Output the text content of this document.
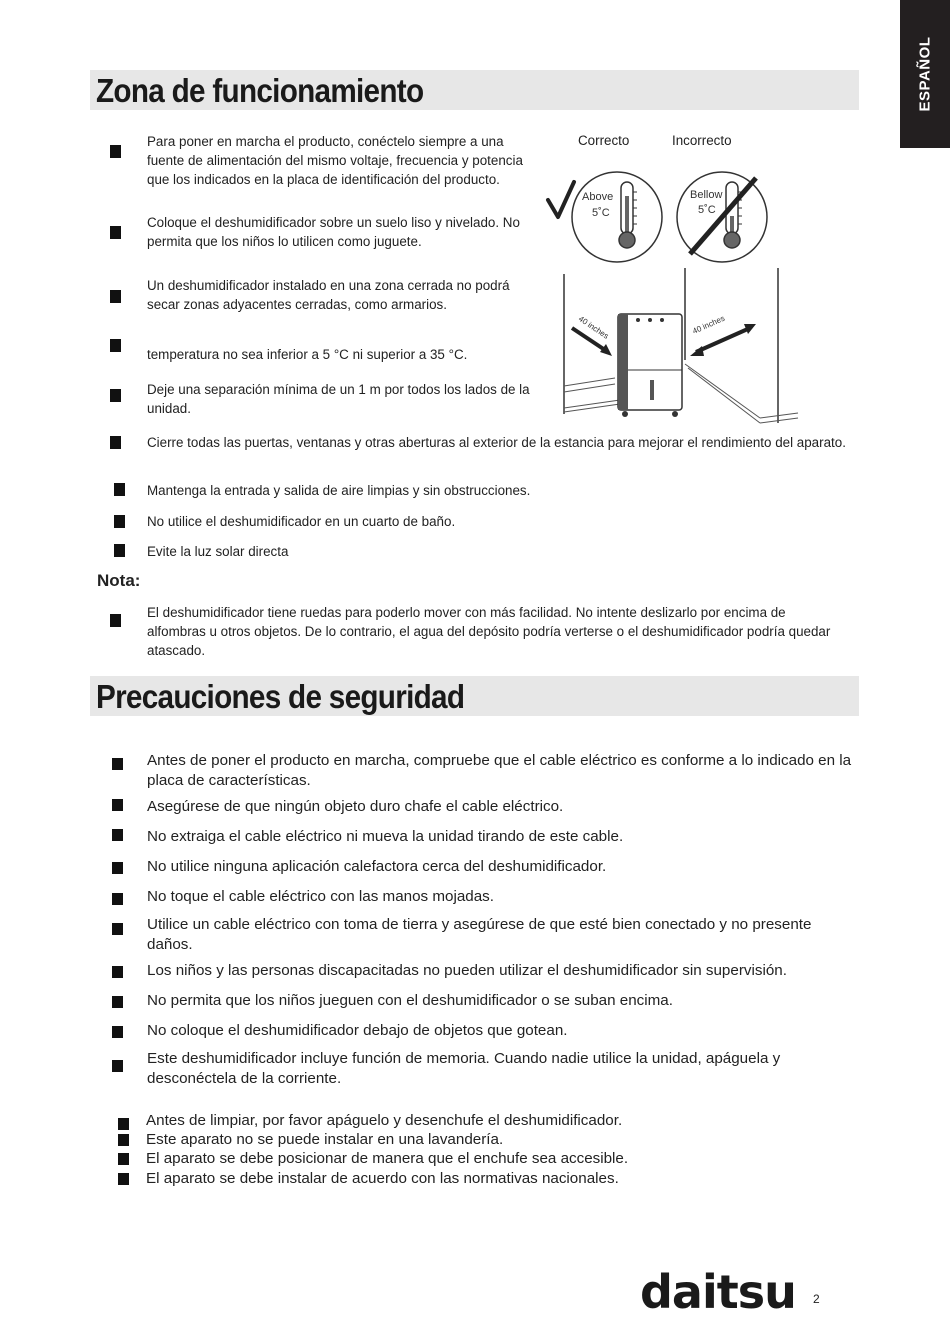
ESPAÑOL
Zona de funcionamiento
Para poner en marcha el producto, conéctelo siempre a una fuente de alimentación del mismo voltaje, frecuencia y potencia que los indicados en la placa de identificación del producto.
Coloque el deshumidificador sobre un suelo liso y nivelado. No permita que los niños lo utilicen como juguete.
Un deshumidificador instalado en una zona cerrada no podrá secar zonas adyacentes cerradas, como armarios.
temperatura no sea inferior a 5 °C ni superior a 35 °C.
Deje una separación mínima de un 1 m por todos los lados de la unidad.
Cierre todas las puertas, ventanas y otras aberturas al exterior de la estancia para mejorar el rendimiento del aparato.
Mantenga la entrada y salida de aire limpias y sin obstrucciones.
No utilice el deshumidificador en un cuarto de baño.
Evite la luz solar directa
Correcto	Incorrecto
Above
5˚C
Bellow
5˚C
40 inches	40 inches
Nota:
El deshumidificador tiene ruedas para poderlo mover con más facilidad. No intente deslizarlo por encima de alfombras u otros objetos. De lo contrario, el agua del depósito podría verterse o el deshumidificador podría quedar atascado.
Precauciones de seguridad
Antes de poner el producto en marcha, compruebe que el cable eléctrico es conforme a lo indicado en la placa de características.
Asegúrese de que ningún objeto duro chafe el cable eléctrico.
No extraiga el cable eléctrico ni mueva la unidad tirando de este cable.
No utilice ninguna aplicación calefactora cerca del deshumidificador.
No toque el cable eléctrico con las manos mojadas.
Utilice un cable eléctrico con toma de tierra y asegúrese de que esté bien conectado y no presente daños.
Los niños y las personas discapacitadas no pueden utilizar el deshumidificador sin supervisión.
No permita que los niños jueguen con el deshumidificador o se suban encima.
No coloque el deshumidificador debajo de objetos que gotean.
Este deshumidificador incluye función de memoria. Cuando nadie utilice la unidad, apáguela y desconéctela de la corriente.
Antes de limpiar, por favor apáguelo y desenchufe el deshumidificador.
Este aparato no se puede instalar en una lavandería.
El aparato se debe posicionar de manera que el enchufe sea accesible.
El aparato se debe instalar de acuerdo con las normativas nacionales.
daitsu 2
